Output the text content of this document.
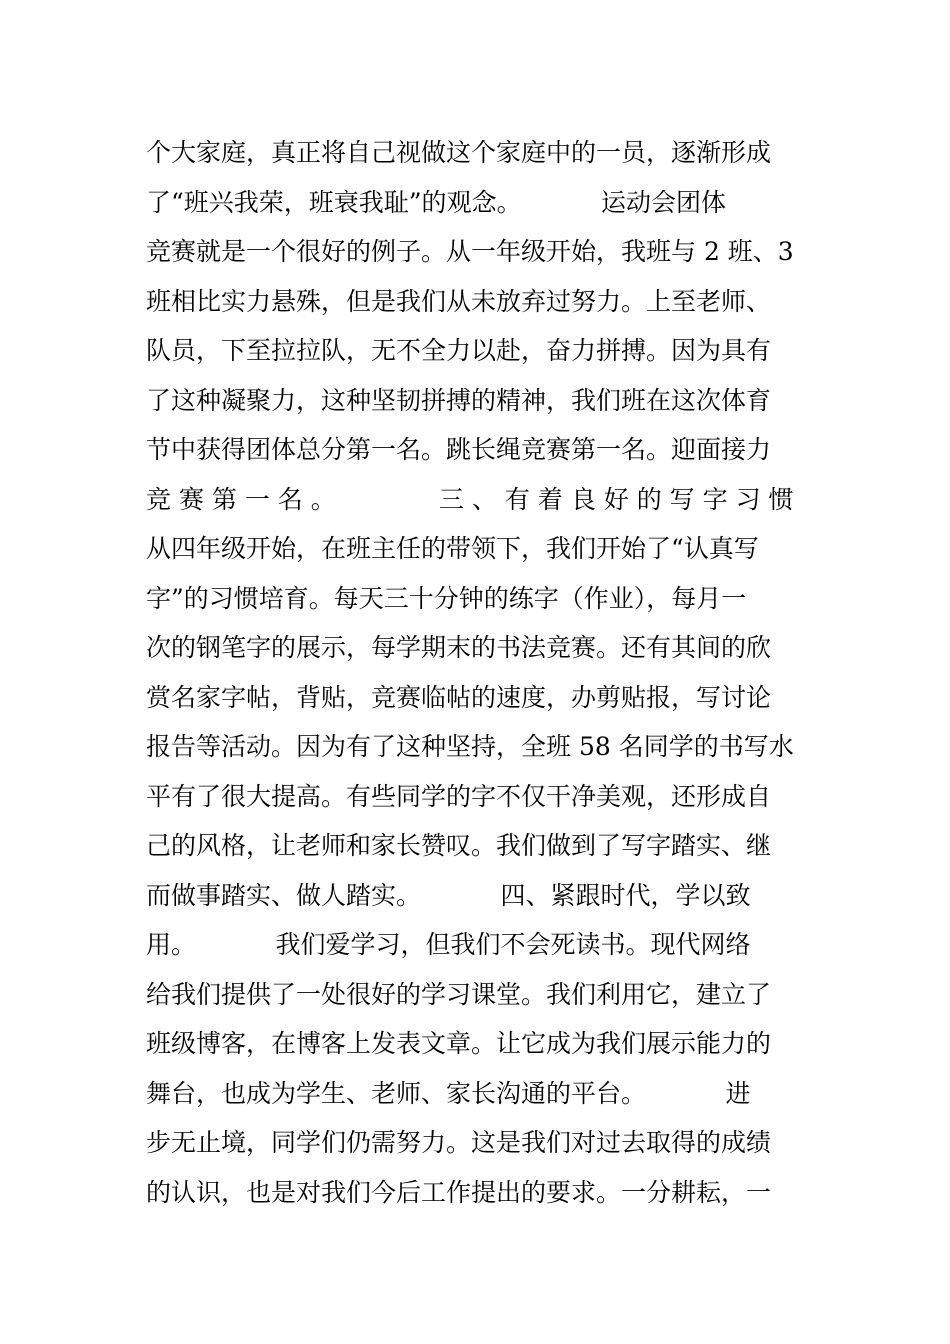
个大家庭，真正将自己视做这个家庭中的一员，逐渐形成
了“班兴我荣，班衰我耻”的观念。          运动会团体
竞赛就是一个很好的例子。从一年级开始，我班与 2 班、3
班相比实力悬殊，但是我们从未放弃过努力。上至老师、
队员，下至拉拉队，无不全力以赴，奋力拼搏。因为具有
了这种凝聚力，这种坚韧拼搏的精神，我们班在这次体育
节中获得团体总分第一名。跳长绳竞赛第一名。迎面接力
竞 赛 第 一 名 。             三 、 有 着 良 好 的 写 字 习 惯
从四年级开始，在班主任的带领下，我们开始了“认真写
字”的习惯培育。每天三十分钟的练字（作业），每月一
次的钢笔字的展示，每学期末的书法竞赛。还有其间的欣
赏名家字帖，背贴，竞赛临帖的速度，办剪贴报，写讨论
报告等活动。因为有了这种坚持，全班 58 名同学的书写水
平有了很大提高。有些同学的字不仅干净美观，还形成自
己的风格，让老师和家长赞叹。我们做到了写字踏实、继
而做事踏实、做人踏实。          四、紧跟时代，学以致
用。          我们爱学习，但我们不会死读书。现代网络
给我们提供了一处很好的学习课堂。我们利用它，建立了
班级博客，在博客上发表文章。让它成为我们展示能力的
舞台，也成为学生、老师、家长沟通的平台。          进
步无止境，同学们仍需努力。这是我们对过去取得的成绩
的认识，也是对我们今后工作提出的要求。一分耕耘，一
